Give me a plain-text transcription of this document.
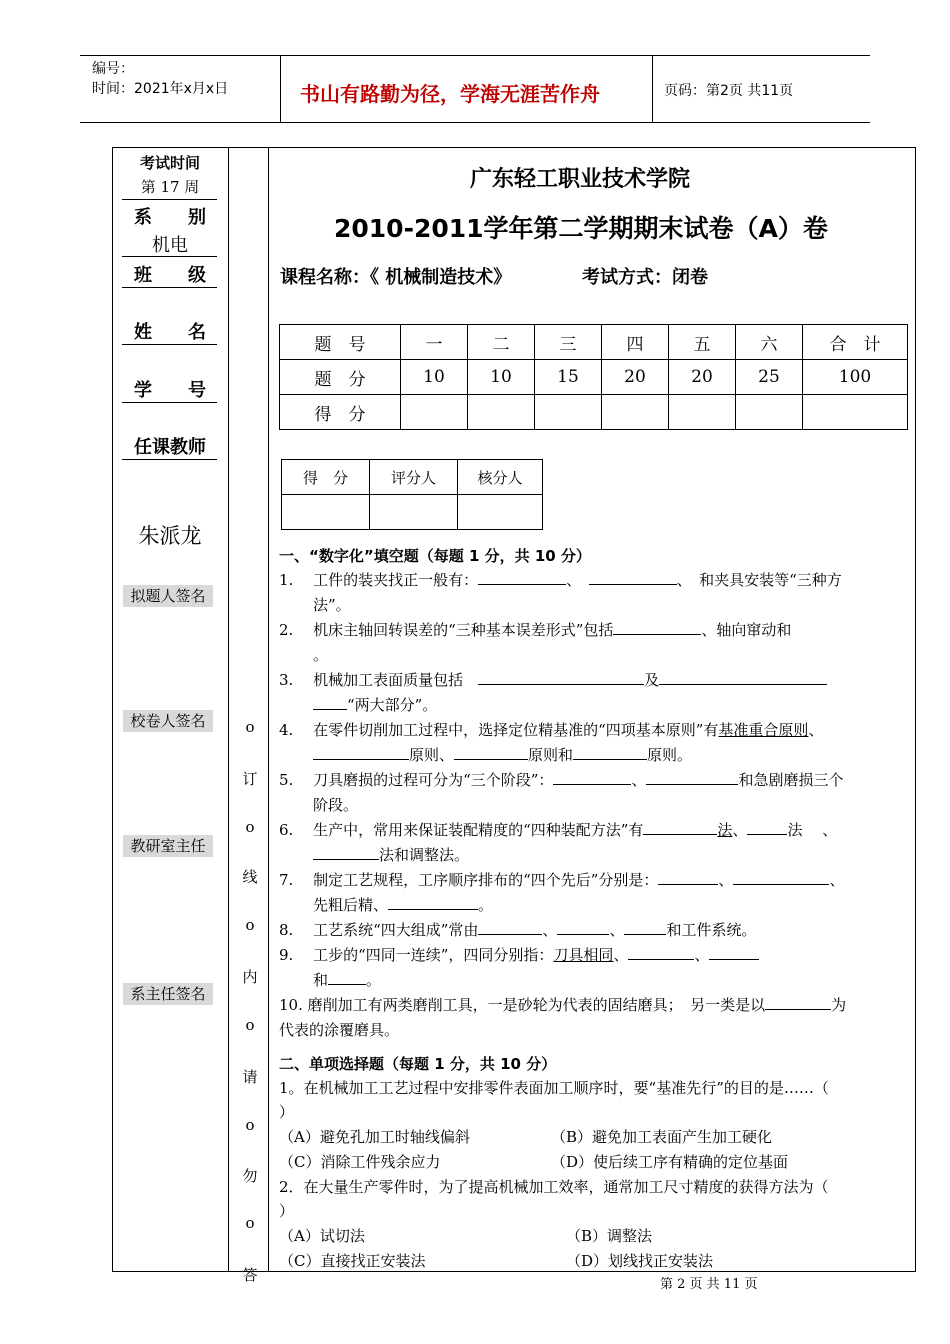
编号：
时间：2021年x月x日	书山有路勤为径，学海无涯苦作舟	页码：第2页 共11页
考试时间
第 17 周
系　　别
机电
班　　级
姓　　名
学　　号
任课教师
朱派龙
拟题人签名
校卷人签名
教研室主任
系主任签名
o
订
o
线
o
内
o
请
o
勿
o
答
广东轻工职业技术学院
2010-2011学年第二学期期末试卷（A）卷
课程名称：《 机械制造技术》	考试方式：闭卷
题　号	一	二	三	四	五	六	合　计
题　分	10	10	15	20	20	25	100
得　分							
得　分	评分人	核分人

一、“数字化”填空题（每题 1 分，共 10 分）
1.　 工件的装夹找正一般有：	、　	、　和夹具安装等“三种方
法”。
2.　 机床主轴回转误差的“三种基本误差形式”包括	、轴向窜动和
。
3.　 机械加工表面质量包括　	及
“两大部分”。
4.　 在零件切削加工过程中，选择定位精基准的“四项基本原则”有基准重合原则、
原则、	原则和	原则。
5.　 刀具磨损的过程可分为“三个阶段”：	、	和急剧磨损三个
阶段。
6.　 生产中，常用来保证装配精度的“四种装配方法”有	法、	法　 、
法和调整法。
7.　 制定工艺规程，工序顺序排布的“四个先后”分别是：	、	、
先粗后精、	。
8.　 工艺系统“四大组成”常由	、	、	和工件系统。
9.　 工步的“四同一连续”，四同分别指：刀具相同、	、
和	。
10. 磨削加工有两类磨削工具，一是砂轮为代表的固结磨具；　另一类是以	为
代表的涂覆磨具。
二、单项选择题（每题 1 分，共 10 分）
1。在机械加工工艺过程中安排零件表面加工顺序时，要“基准先行”的目的是……（
）
（A）避免孔加工时轴线偏斜	（B）避免加工表面产生加工硬化
（C）消除工件残余应力	（D）使后续工序有精确的定位基面
2．在大量生产零件时，为了提高机械加工效率，通常加工尺寸精度的获得方法为（
）
（A）试切法	（B）调整法
（C）直接找正安装法	（D）划线找正安装法
第 2 页 共 11 页
